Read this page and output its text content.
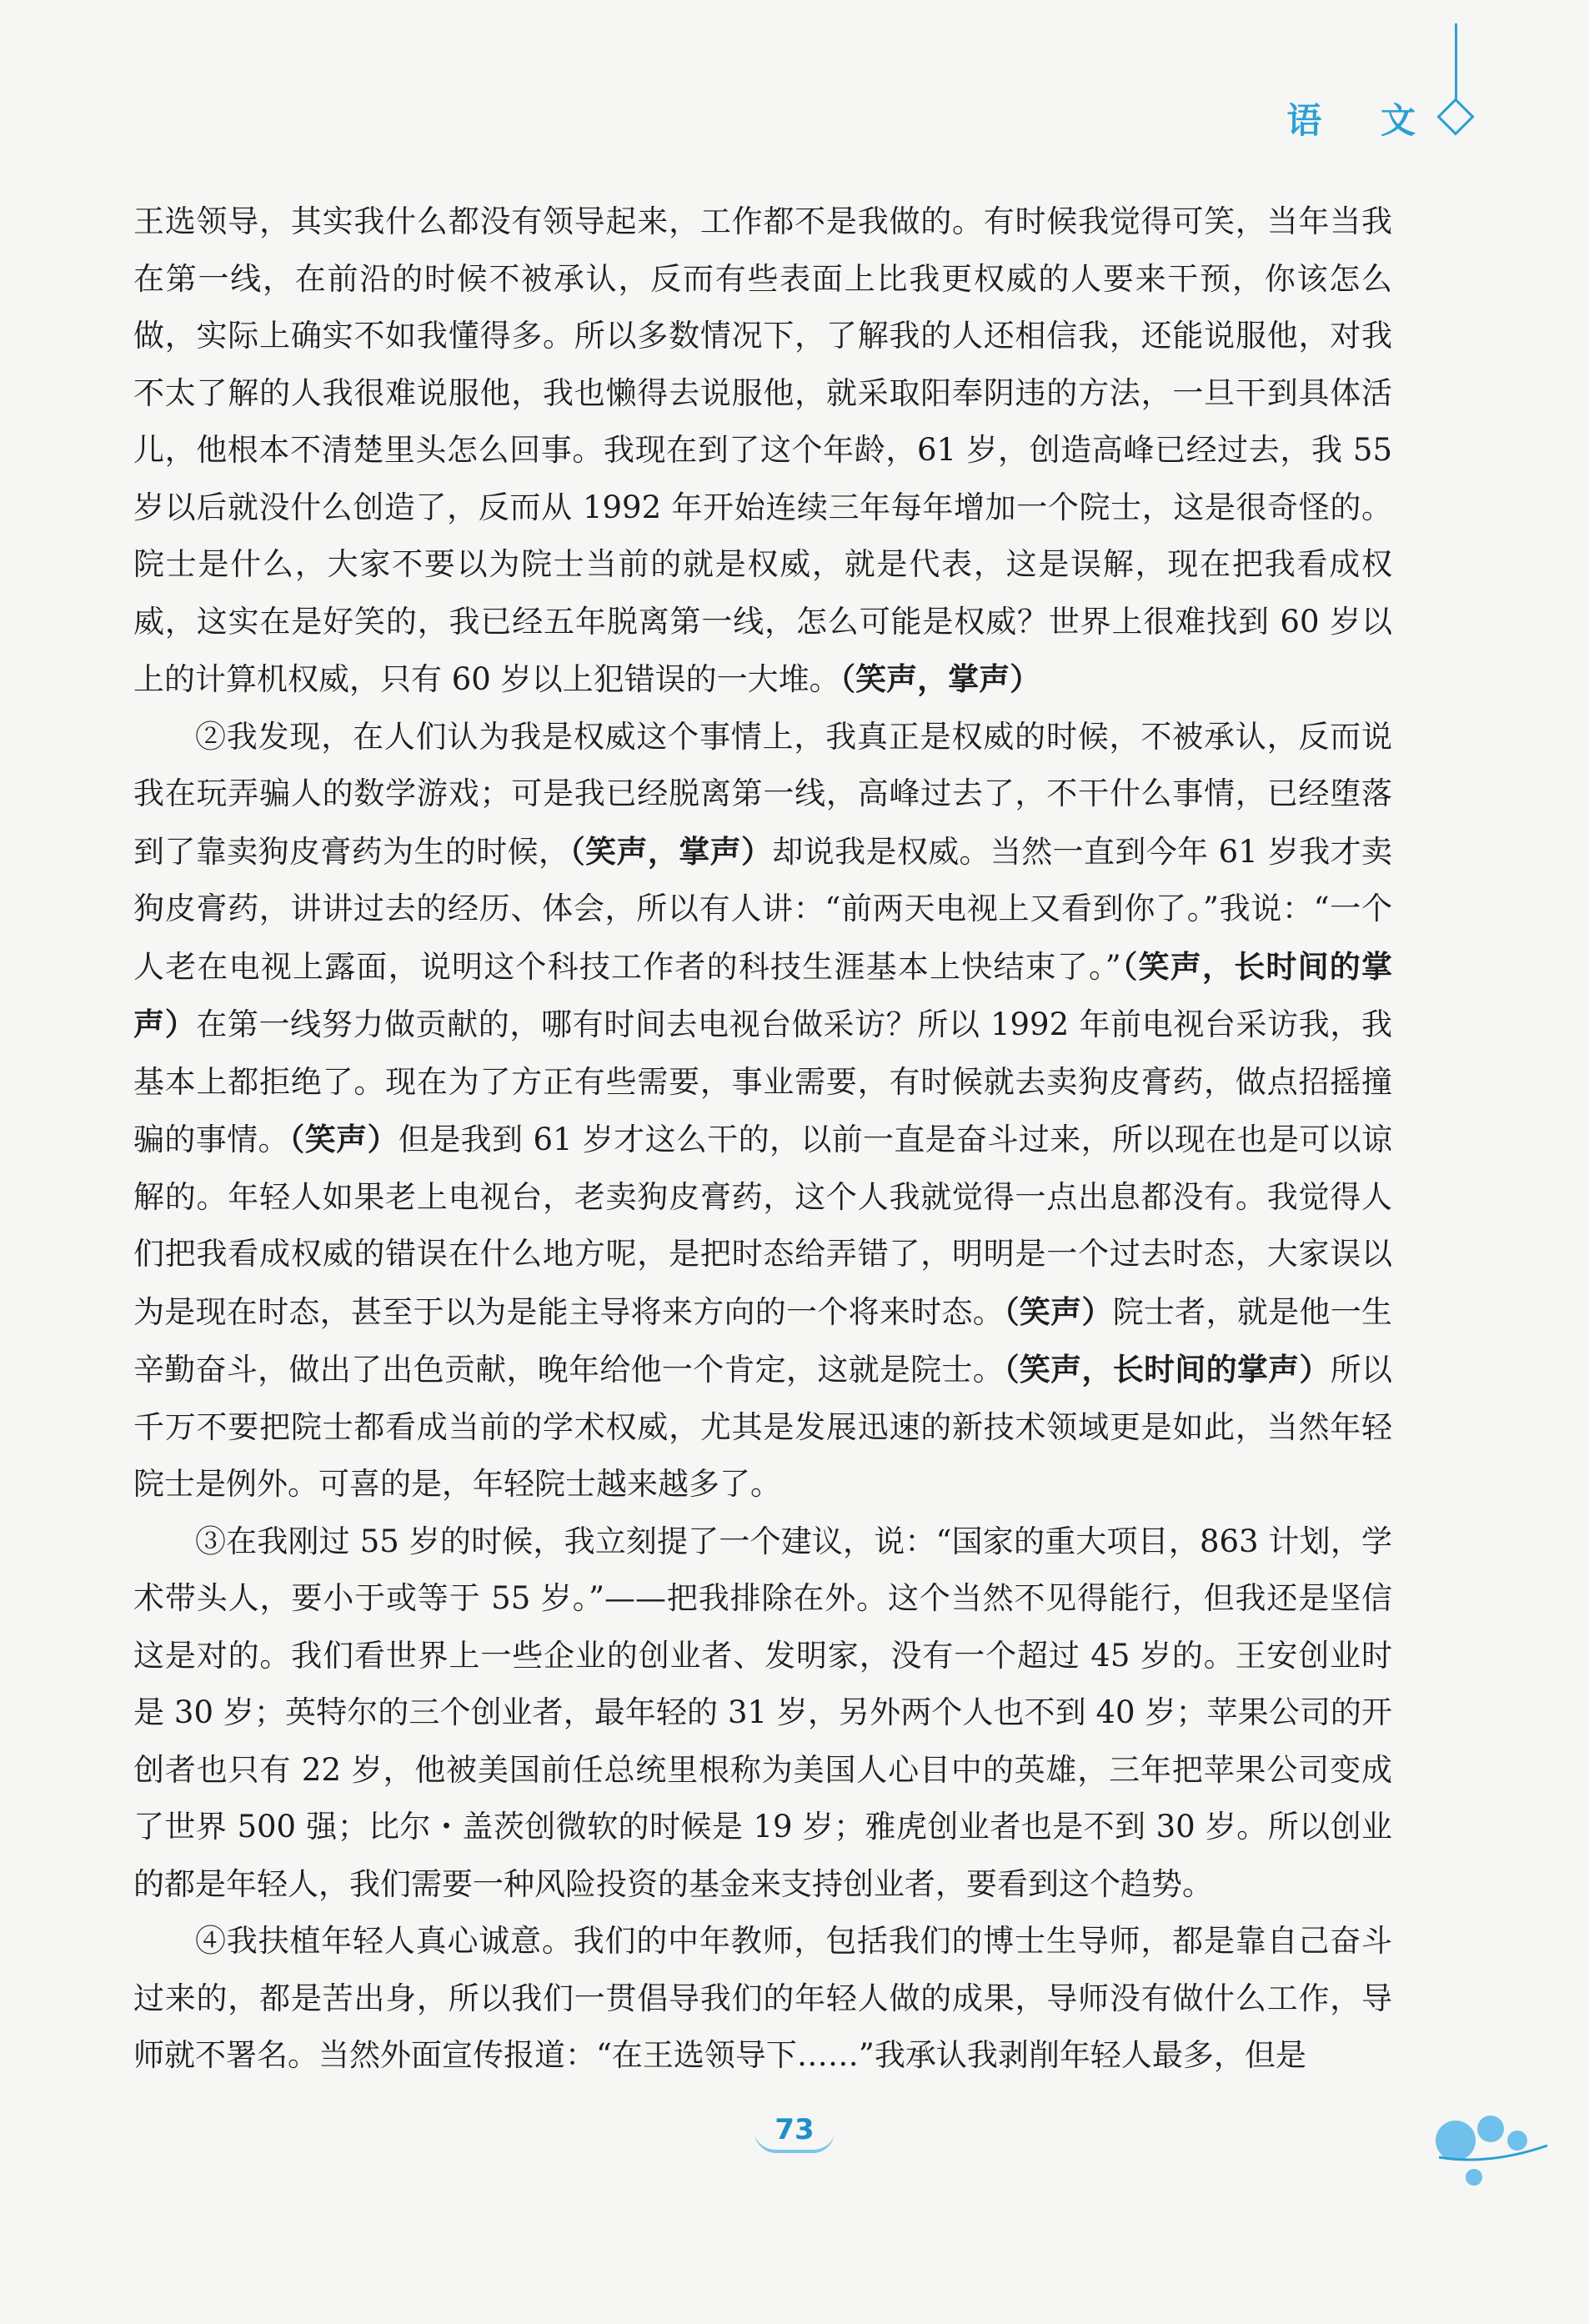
语 文

王选领导，其实我什么都没有领导起来，工作都不是我做的。有时候我觉得可笑，当年当我在第一线，在前沿的时候不被承认，反而有些表面上比我更权威的人要来干预，你该怎么做，实际上确实不如我懂得多。所以多数情况下，了解我的人还相信我，还能说服他，对我不太了解的人我很难说服他，我也懒得去说服他，就采取阳奉阴违的方法，一旦干到具体活儿，他根本不清楚里头怎么回事。我现在到了这个年龄，61 岁，创造高峰已经过去，我 55 岁以后就没什么创造了，反而从 1992 年开始连续三年每年增加一个院士，这是很奇怪的。院士是什么，大家不要以为院士当前的就是权威，就是代表，这是误解，现在把我看成权威，这实在是好笑的，我已经五年脱离第一线，怎么可能是权威？世界上很难找到 60 岁以上的计算机权威，只有 60 岁以上犯错误的一大堆。（笑声，掌声）

②我发现，在人们认为我是权威这个事情上，我真正是权威的时候，不被承认，反而说我在玩弄骗人的数学游戏；可是我已经脱离第一线，高峰过去了，不干什么事情，已经堕落到了靠卖狗皮膏药为生的时候，（笑声，掌声）却说我是权威。当然一直到今年 61 岁我才卖狗皮膏药，讲讲过去的经历、体会，所以有人讲：“前两天电视上又看到你了。”我说：“一个人老在电视上露面，说明这个科技工作者的科技生涯基本上快结束了。”（笑声，长时间的掌声）在第一线努力做贡献的，哪有时间去电视台做采访？所以 1992 年前电视台采访我，我基本上都拒绝了。现在为了方正有些需要，事业需要，有时候就去卖狗皮膏药，做点招摇撞骗的事情。（笑声）但是我到 61 岁才这么干的，以前一直是奋斗过来，所以现在也是可以谅解的。年轻人如果老上电视台，老卖狗皮膏药，这个人我就觉得一点出息都没有。我觉得人们把我看成权威的错误在什么地方呢，是把时态给弄错了，明明是一个过去时态，大家误以为是现在时态，甚至于以为是能主导将来方向的一个将来时态。（笑声）院士者，就是他一生辛勤奋斗，做出了出色贡献，晚年给他一个肯定，这就是院士。（笑声，长时间的掌声）所以千万不要把院士都看成当前的学术权威，尤其是发展迅速的新技术领域更是如此，当然年轻院士是例外。可喜的是，年轻院士越来越多了。

③在我刚过 55 岁的时候，我立刻提了一个建议，说：“国家的重大项目，863 计划，学术带头人，要小于或等于 55 岁。”——把我排除在外。这个当然不见得能行，但我还是坚信这是对的。我们看世界上一些企业的创业者、发明家，没有一个超过 45 岁的。王安创业时是 30 岁；英特尔的三个创业者，最年轻的 31 岁，另外两个人也不到 40 岁；苹果公司的开创者也只有 22 岁，他被美国前任总统里根称为美国人心目中的英雄，三年把苹果公司变成了世界 500 强；比尔・盖茨创微软的时候是 19 岁；雅虎创业者也是不到 30 岁。所以创业的都是年轻人，我们需要一种风险投资的基金来支持创业者，要看到这个趋势。

④我扶植年轻人真心诚意。我们的中年教师，包括我们的博士生导师，都是靠自己奋斗过来的，都是苦出身，所以我们一贯倡导我们的年轻人做的成果，导师没有做什么工作，导师就不署名。当然外面宣传报道：“在王选领导下……”我承认我剥削年轻人最多，但是

73
